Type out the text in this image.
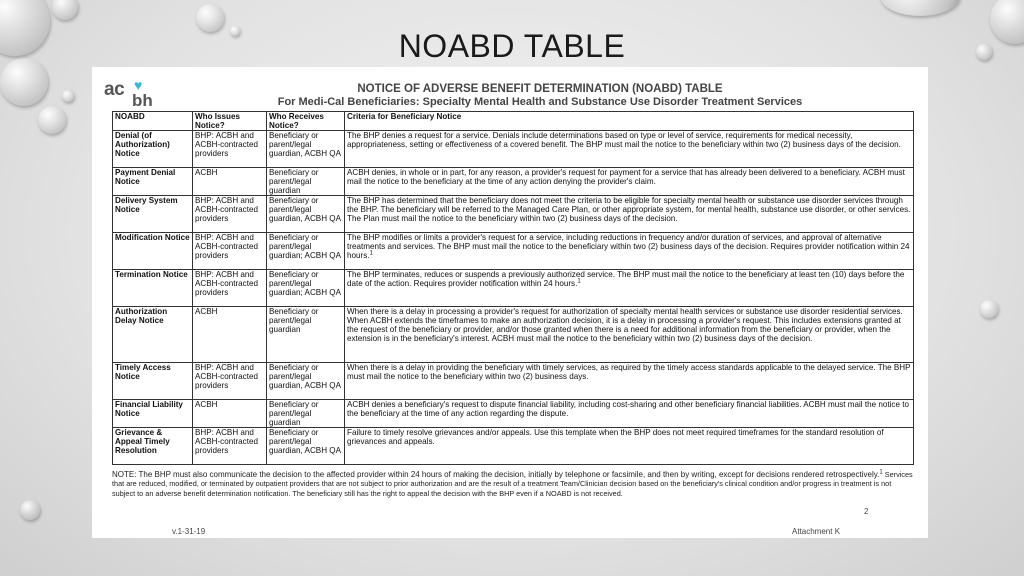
NOABD TABLE
ac ♥
bh
NOTICE OF ADVERSE BENEFIT DETERMINATION (NOABD) TABLE
For Medi-Cal Beneficiaries: Specialty Mental Health and Substance Use Disorder Treatment Services
NOABD	Who Issues Notice?	Who Receives Notice?	Criteria for Beneficiary Notice
Denial (of Authorization) Notice	BHP: ACBH and ACBH-contracted providers	Beneficiary or parent/legal guardian, ACBH QA	The BHP denies a request for a service. Denials include determinations based on type or level of service, requirements for medical necessity, appropriateness, setting or effectiveness of a covered benefit. The BHP must mail the notice to the beneficiary within two (2) business days of the decision.
Payment Denial Notice	ACBH	Beneficiary or parent/legal guardian	ACBH denies, in whole or in part, for any reason, a provider's request for payment for a service that has already been delivered to a beneficiary. ACBH must mail the notice to the beneficiary at the time of any action denying the provider's claim.
Delivery System Notice	BHP: ACBH and ACBH-contracted providers	Beneficiary or parent/legal guardian, ACBH QA	The BHP has determined that the beneficiary does not meet the criteria to be eligible for specialty mental health or substance use disorder services through the BHP. The beneficiary will be referred to the Managed Care Plan, or other appropriate system, for mental health, substance use disorder, or other services. The Plan must mail the notice to the beneficiary within two (2) business days of the decision.
Modification Notice	BHP: ACBH and ACBH-contracted providers	Beneficiary or parent/legal guardian; ACBH QA	The BHP modifies or limits a provider's request for a service, including reductions in frequency and/or duration of services, and approval of alternative treatments and services. The BHP must mail the notice to the beneficiary within two (2) business days of the decision. Requires provider notification within 24 hours.$^1$
Termination Notice	BHP: ACBH and ACBH-contracted providers	Beneficiary or parent/legal guardian; ACBH QA	The BHP terminates, reduces or suspends a previously authorized service. The BHP must mail the notice to the beneficiary at least ten (10) days before the date of the action. Requires provider notification within 24 hours.$^1$
Authorization Delay Notice	ACBH	Beneficiary or parent/legal guardian	When there is a delay in processing a provider's request for authorization of specialty mental health services or substance use disorder residential services. When ACBH extends the timeframes to make an authorization decision, it is a delay in processing a provider's request. This includes extensions granted at the request of the beneficiary or provider, and/or those granted when there is a need for additional information from the beneficiary or provider, when the extension is in the beneficiary's interest. ACBH must mail the notice to the beneficiary within two (2) business days of the decision.
Timely Access Notice	BHP: ACBH and ACBH-contracted providers	Beneficiary or parent/legal guardian, ACBH QA	When there is a delay in providing the beneficiary with timely services, as required by the timely access standards applicable to the delayed service. The BHP must mail the notice to the beneficiary within two (2) business days.
Financial Liability Notice	ACBH	Beneficiary or parent/legal guardian	ACBH denies a beneficiary's request to dispute financial liability, including cost-sharing and other beneficiary financial liabilities. ACBH must mail the notice to the beneficiary at the time of any action regarding the dispute.
Grievance & Appeal Timely Resolution	BHP: ACBH and ACBH-contracted providers	Beneficiary or parent/legal guardian, ACBH QA	Failure to timely resolve grievances and/or appeals. Use this template when the BHP does not meet required timeframes for the standard resolution of grievances and appeals.
NOTE: The BHP must also communicate the decision to the affected provider within 24 hours of making the decision, initially by telephone or facsimile, and then by writing, except for decisions rendered retrospectively.$^1$ Services that are reduced, modified, or terminated by outpatient providers that are not subject to prior authorization and are the result of a treatment Team/Clinician decision based on the beneficiary's clinical condition and/or progress in treatment is not subject to an adverse benefit determination notification. The beneficiary still has the right to appeal the decision with the BHP even if a NOABD is not received.
2
v.1-31-19	Attachment K
